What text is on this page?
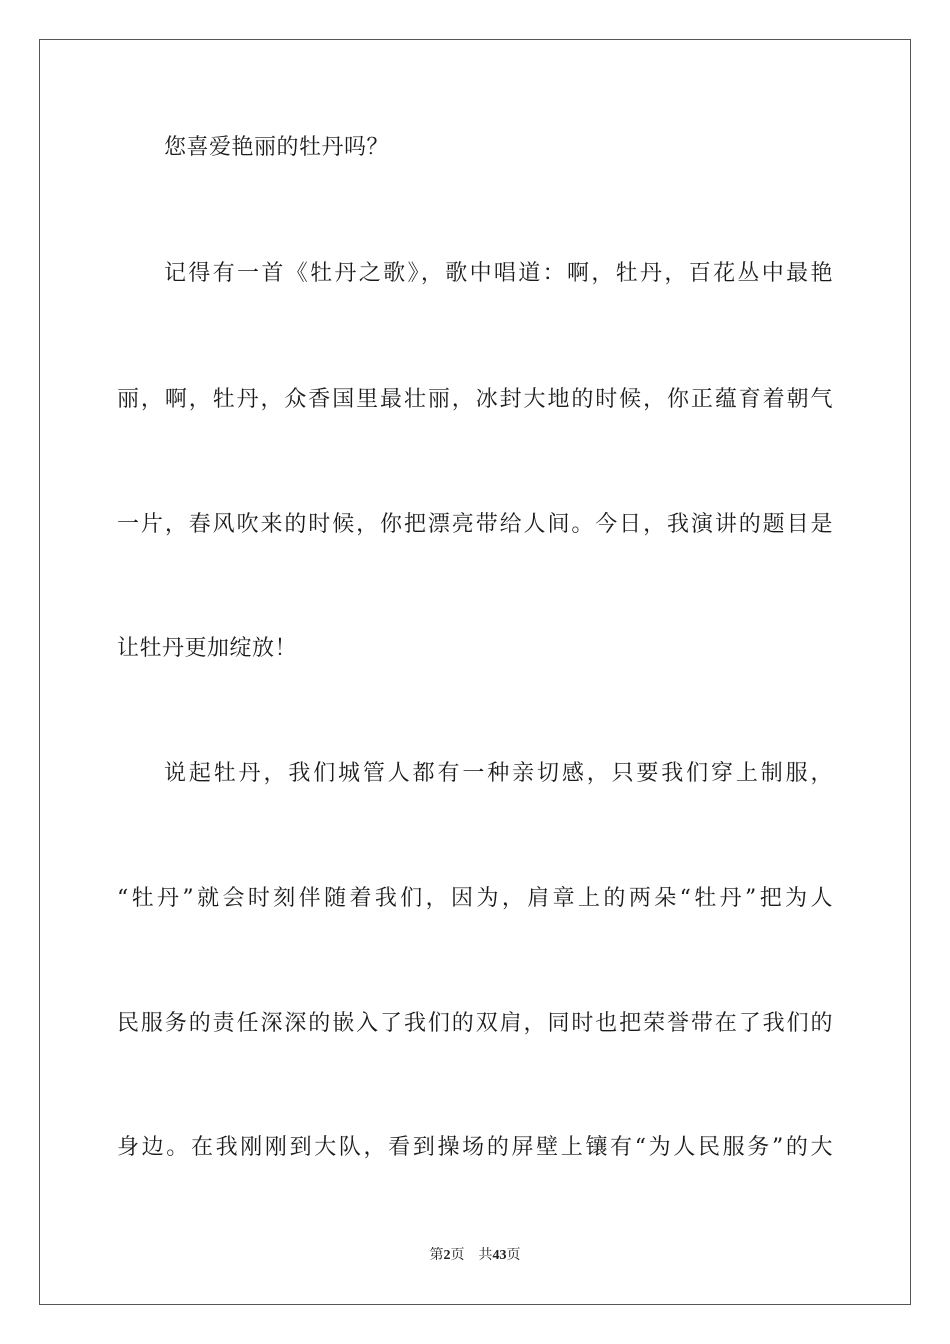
您喜爱艳丽的牡丹吗？
记得有一首《牡丹之歌》，歌中唱道：啊，牡丹，百花丛中最艳
丽，啊，牡丹，众香国里最壮丽，冰封大地的时候，你正蕴育着朝气
一片，春风吹来的时候，你把漂亮带给人间。今日，我演讲的题目是
让牡丹更加绽放！
说起牡丹，我们城管人都有一种亲切感，只要我们穿上制服，
“牡丹”就会时刻伴随着我们，因为，肩章上的两朵“牡丹”把为人
民服务的责任深深的嵌入了我们的双肩，同时也把荣誉带在了我们的
身边。在我刚刚到大队，看到操场的屏壁上镶有“为人民服务”的大
第2页 共43页
